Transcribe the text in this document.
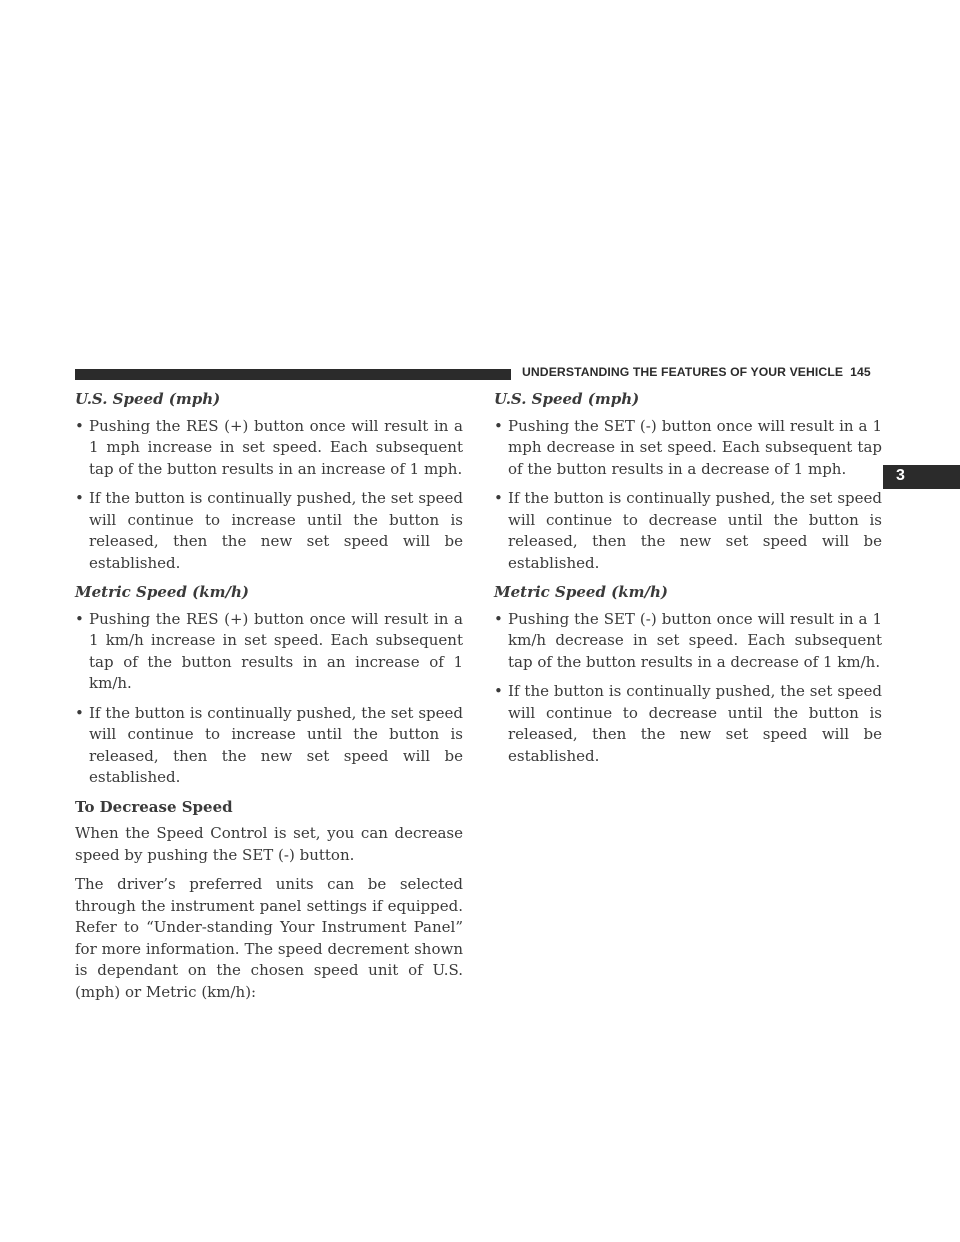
UNDERSTANDING THE FEATURES OF YOUR VEHICLE 145
3

U.S. Speed (mph)

• Pushing the RES (+) button once will result in a 1 mph increase in set speed. Each subsequent tap of the button results in an increase of 1 mph.
• If the button is continually pushed, the set speed will continue to increase until the button is released, then the new set speed will be established.

Metric Speed (km/h)

• Pushing the RES (+) button once will result in a 1 km/h increase in set speed. Each subsequent tap of the button results in an increase of 1 km/h.
• If the button is continually pushed, the set speed will continue to increase until the button is released, then the new set speed will be established.

To Decrease Speed

When the Speed Control is set, you can decrease speed by pushing the SET (-) button.

The driver’s preferred units can be selected through the instrument panel settings if equipped. Refer to “Under-standing Your Instrument Panel” for more information. The speed decrement shown is dependant on the chosen speed unit of U.S. (mph) or Metric (km/h):

U.S. Speed (mph)

• Pushing the SET (-) button once will result in a 1 mph decrease in set speed. Each subsequent tap of the button results in a decrease of 1 mph.
• If the button is continually pushed, the set speed will continue to decrease until the button is released, then the new set speed will be established.

Metric Speed (km/h)

• Pushing the SET (-) button once will result in a 1 km/h decrease in set speed. Each subsequent tap of the button results in a decrease of 1 km/h.
• If the button is continually pushed, the set speed will continue to decrease until the button is released, then the new set speed will be established.
